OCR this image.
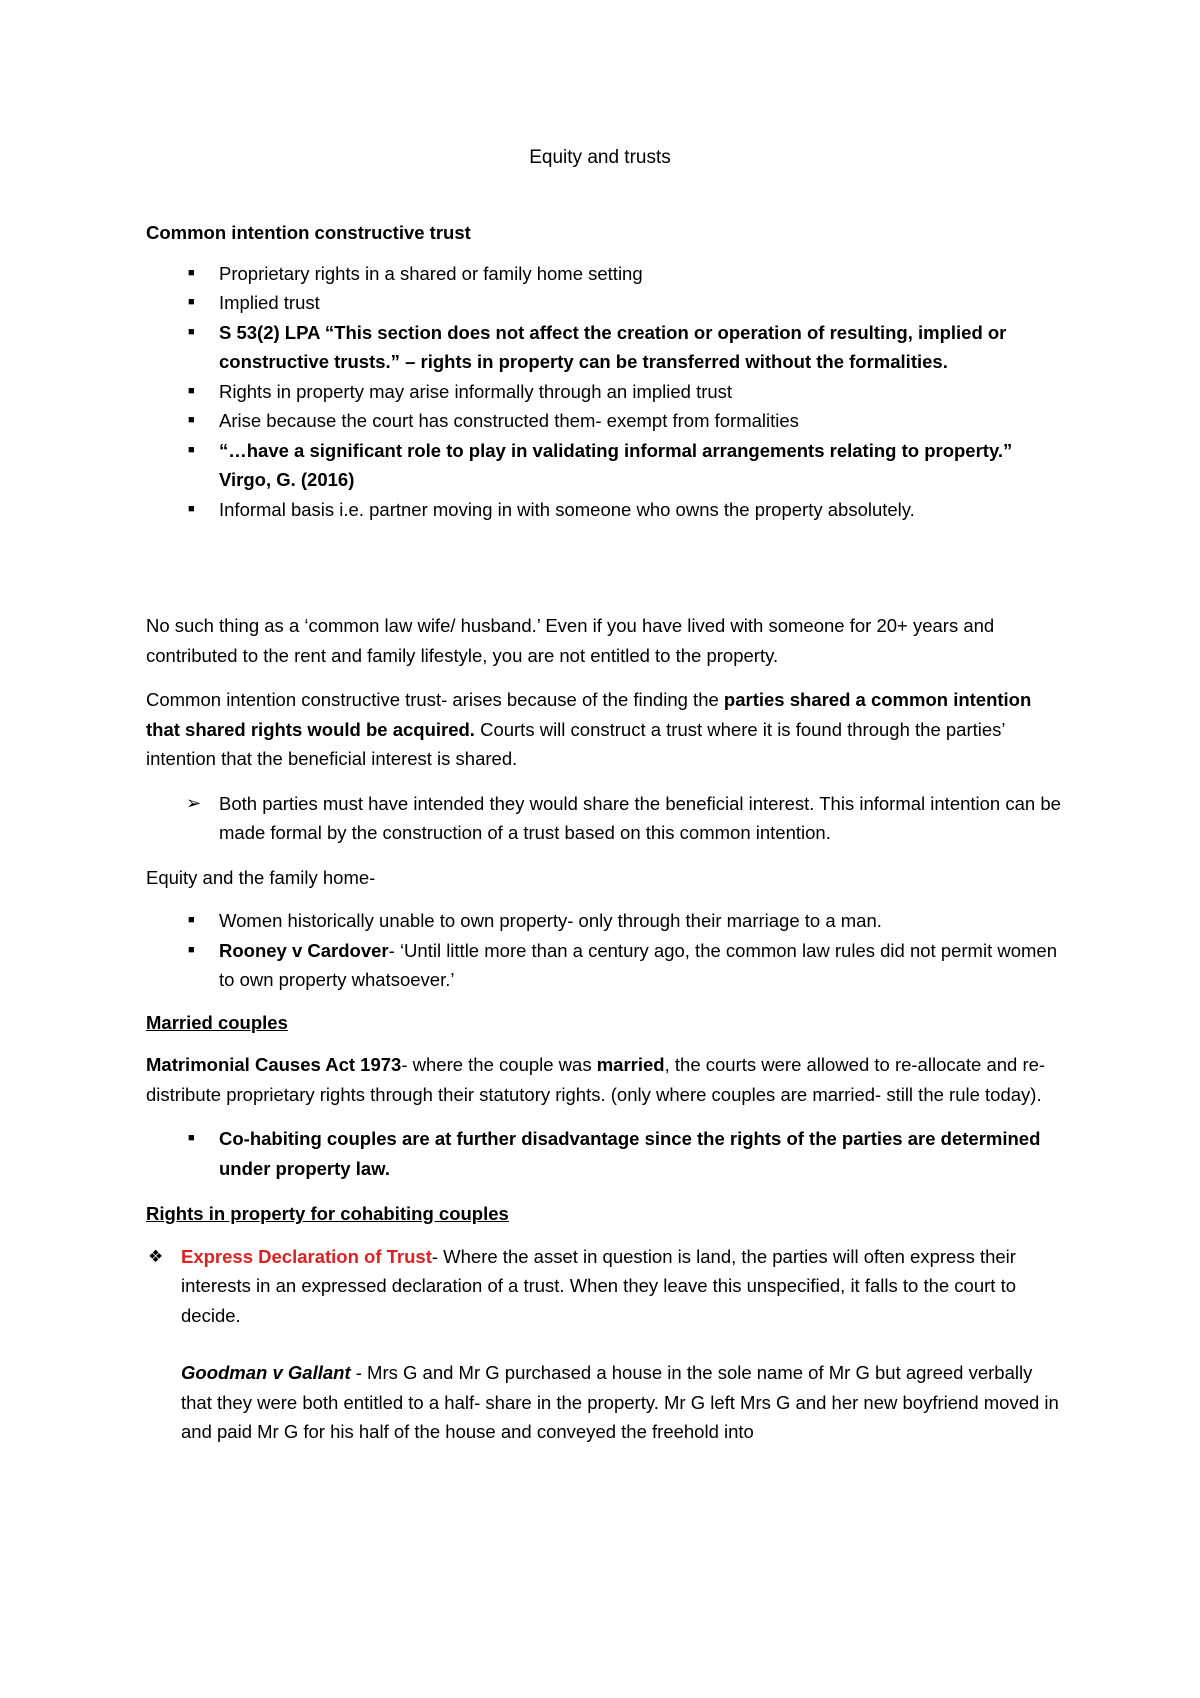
Equity and trusts

Common intention constructive trust

■ Proprietary rights in a shared or family home setting
■ Implied trust
■ S 53(2) LPA “This section does not affect the creation or operation of resulting, implied or constructive trusts.” – rights in property can be transferred without the formalities.
■ Rights in property may arise informally through an implied trust
■ Arise because the court has constructed them- exempt from formalities
■ “…have a significant role to play in validating informal arrangements relating to property.” Virgo, G. (2016)
■ Informal basis i.e. partner moving in with someone who owns the property absolutely.

No such thing as a ‘common law wife/ husband.’ Even if you have lived with someone for 20+ years and contributed to the rent and family lifestyle, you are not entitled to the property.

Common intention constructive trust- arises because of the finding the parties shared a common intention that shared rights would be acquired. Courts will construct a trust where it is found through the parties’ intention that the beneficial interest is shared.

➢ Both parties must have intended they would share the beneficial interest. This informal intention can be made formal by the construction of a trust based on this common intention.

Equity and the family home-

■ Women historically unable to own property- only through their marriage to a man.
■ Rooney v Cardover- ‘Until little more than a century ago, the common law rules did not permit women to own property whatsoever.’

Married couples

Matrimonial Causes Act 1973- where the couple was married, the courts were allowed to re-allocate and re-distribute proprietary rights through their statutory rights. (only where couples are married- still the rule today).

■ Co-habiting couples are at further disadvantage since the rights of the parties are determined under property law.

Rights in property for cohabiting couples

❖ Express Declaration of Trust- Where the asset in question is land, the parties will often express their interests in an expressed declaration of a trust. When they leave this unspecified, it falls to the court to decide.
Goodman v Gallant - Mrs G and Mr G purchased a house in the sole name of Mr G but agreed verbally that they were both entitled to a half- share in the property. Mr G left Mrs G and her new boyfriend moved in and paid Mr G for his half of the house and conveyed the freehold into
